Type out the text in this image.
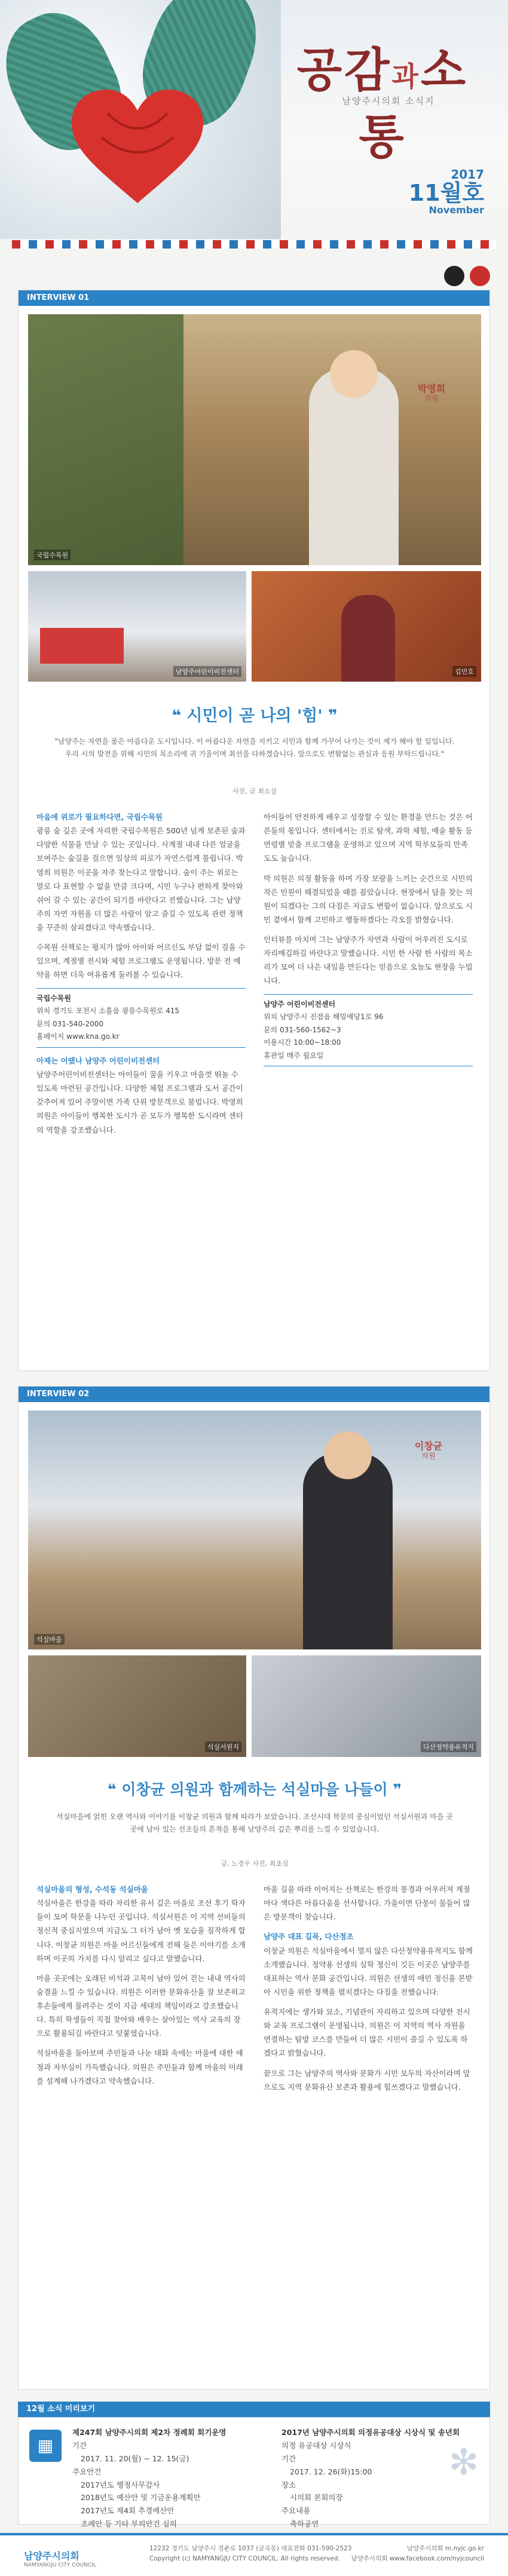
공감과소통
남양주시의회 소식지
2017
11월호
November

INTERVIEW 01
국립수목원
박영희
의원
남양주어린이비전센터	김민호
❝ 시민이 곧 나의 '힘' ❞
"남양주는 자연을 품은 아름다운 도시입니다. 이 아름다운 자연을 지키고 시민과 함께 가꾸어 나가는 것이 제가 해야 할 일입니다. 우리 시의 발전을 위해 시민의 목소리에 귀 기울이며 최선을 다하겠습니다. 앞으로도 변함없는 관심과 응원 부탁드립니다."
사진, 글 최소설

마음에 위로가 필요하다면, 국립수목원
광릉 숲 깊은 곳에 자리한 국립수목원은 500년 넘게 보존된 숲과 다양한 식물을 만날 수 있는 곳입니다. 사계절 내내 다른 얼굴을 보여주는 숲길을 걸으면 일상의 피로가 자연스럽게 풀립니다. 박영희 의원은 이곳을 자주 찾는다고 말합니다. 숲이 주는 위로는 말로 다 표현할 수 없을 만큼 크다며, 시민 누구나 편하게 찾아와 쉬어 갈 수 있는 공간이 되기를 바란다고 전했습니다. 그는 남양주의 자연 자원을 더 많은 사람이 알고 즐길 수 있도록 관련 정책을 꾸준히 살피겠다고 약속했습니다.

수목원 산책로는 평지가 많아 아이와 어르신도 부담 없이 걸을 수 있으며, 계절별 전시와 체험 프로그램도 운영됩니다. 방문 전 예약을 하면 더욱 여유롭게 둘러볼 수 있습니다.

국립수목원
위치 경기도 포천시 소흘읍 광릉수목원로 415
문의 031-540-2000
홈페이지 www.kna.go.kr

아제는 어땠나 남양주 어린이비전센터
남양주어린이비전센터는 아이들이 꿈을 키우고 마음껏 뛰놀 수 있도록 마련된 공간입니다. 다양한 체험 프로그램과 도서 공간이 갖추어져 있어 주말이면 가족 단위 방문객으로 붐빕니다. 박영희 의원은 아이들이 행복한 도시가 곧 모두가 행복한 도시라며 센터의 역할을 강조했습니다.

아이들이 안전하게 배우고 성장할 수 있는 환경을 만드는 것은 어른들의 몫입니다. 센터에서는 진로 탐색, 과학 체험, 예술 활동 등 연령별 맞춤 프로그램을 운영하고 있으며 지역 학부모들의 만족도도 높습니다.

박 의원은 의정 활동을 하며 가장 보람을 느끼는 순간으로 시민의 작은 민원이 해결되었을 때를 꼽았습니다. 현장에서 답을 찾는 의원이 되겠다는 그의 다짐은 지금도 변함이 없습니다. 앞으로도 시민 곁에서 함께 고민하고 행동하겠다는 각오를 밝혔습니다.

인터뷰를 마치며 그는 남양주가 자연과 사람이 어우러진 도시로 자리매김하길 바란다고 말했습니다. 시민 한 사람 한 사람의 목소리가 모여 더 나은 내일을 만든다는 믿음으로 오늘도 현장을 누빕니다.

남양주 어린이비전센터
위치 남양주시 진접읍 해밀예당1로 96
문의 031-560-1562~3
이용시간 10:00~18:00
휴관일 매주 월요일
INTERVIEW 02
이창균
의원
석실마을
석실서원지	다산정약용유적지
❝ 이창균 의원과 함께하는 석실마을 나들이 ❞
석실마을에 얽힌 오랜 역사와 이야기를 이창균 의원과 함께 따라가 보았습니다. 조선시대 학문의 중심이었던 석실서원과 마을 곳곳에 남아 있는 선조들의 흔적을 통해 남양주의 깊은 뿌리를 느낄 수 있었습니다.
글, 노경우 사진, 최초심

석실마을의 형성, 수석동 석실마을
석실마을은 한강을 따라 자리한 유서 깊은 마을로 조선 후기 학자들이 모여 학문을 나누던 곳입니다. 석실서원은 이 지역 선비들의 정신적 중심지였으며 지금도 그 터가 남아 옛 모습을 짐작하게 합니다. 이창균 의원은 마을 어르신들에게 전해 들은 이야기를 소개하며 이곳의 가치를 다시 알리고 싶다고 말했습니다.

마을 곳곳에는 오래된 비석과 고목이 남아 있어 걷는 내내 역사의 숨결을 느낄 수 있습니다. 의원은 이러한 문화유산을 잘 보존하고 후손들에게 물려주는 것이 지금 세대의 책임이라고 강조했습니다. 특히 학생들이 직접 찾아와 배우는 살아있는 역사 교육의 장으로 활용되길 바란다고 덧붙였습니다.

석실마을을 돌아보며 주민들과 나눈 대화 속에는 마을에 대한 애정과 자부심이 가득했습니다. 의원은 주민들과 함께 마을의 미래를 설계해 나가겠다고 약속했습니다.

마을 길을 따라 이어지는 산책로는 한강의 풍경과 어우러져 계절마다 색다른 아름다움을 선사합니다. 가을이면 단풍이 물들어 많은 방문객이 찾습니다.

남양주 대표 길목, 다산정조
이창균 의원은 석실마을에서 멀지 않은 다산정약용유적지도 함께 소개했습니다. 정약용 선생의 실학 정신이 깃든 이곳은 남양주를 대표하는 역사 문화 공간입니다. 의원은 선생의 애민 정신을 본받아 시민을 위한 정책을 펼치겠다는 다짐을 전했습니다.

유적지에는 생가와 묘소, 기념관이 자리하고 있으며 다양한 전시와 교육 프로그램이 운영됩니다. 의원은 이 지역의 역사 자원을 연결하는 탐방 코스를 만들어 더 많은 시민이 즐길 수 있도록 하겠다고 밝혔습니다.

끝으로 그는 남양주의 역사와 문화가 시민 모두의 자산이라며 앞으로도 지역 문화유산 보존과 활용에 힘쓰겠다고 말했습니다.

12월 소식 미리보기
▦
제247회 남양주시의회 제2차 정례회 회기운영
기간
2017. 11. 20(월) ~ 12. 15(금)
주요안건
2017년도 행정사무감사
2018년도 예산안 및 기금운용계획안
2017년도 제4회 추경예산안
조례안 등 기타 부의안건 심의
2017년 남양주시의회 의정유공대상 시상식 및 송년회
의정 유공대상 시상식
기간
2017. 12. 26(화)15:00
장소
시의회 본회의장
주요내용
축하공연
✻
남양주시의회
NAMYANGJU CITY COUNCIL
12232 경기도 남양주시 경춘로 1037 (금곡동) 대표전화 031-590-2523
Copyright (c) NAMYANGJU CITY COUNCIL. All rights reserved.
남양주시의회 m.nyjc.go.kr
남양주시의회 www.facebook.com/nyjcouncil
